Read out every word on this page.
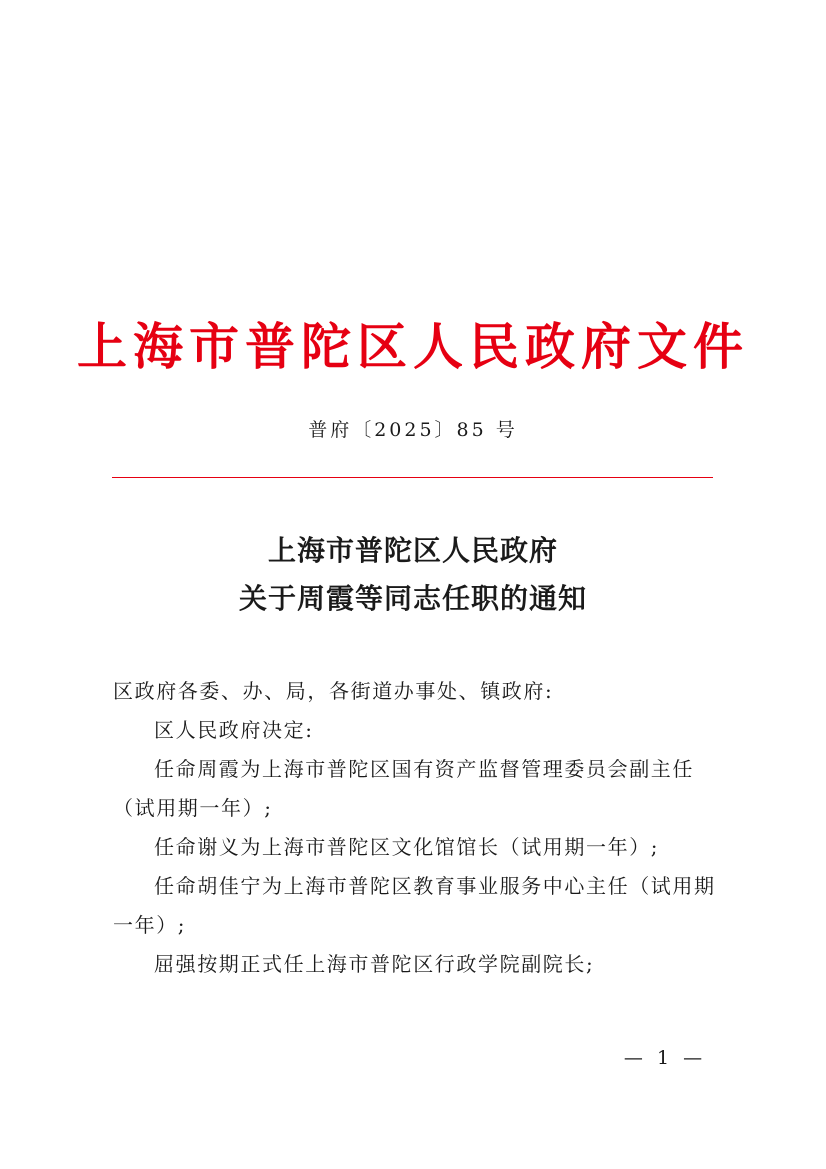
上海市普陀区人民政府文件
普府〔2025〕85 号
上海市普陀区人民政府
关于周霞等同志任职的通知

区政府各委、办、局，各街道办事处、镇政府:

区人民政府决定:

任命周霞为上海市普陀区国有资产监督管理委员会副主任（试用期一年）;

任命谢义为上海市普陀区文化馆馆长（试用期一年）;

任命胡佳宁为上海市普陀区教育事业服务中心主任（试用期一年）;

屈强按期正式任上海市普陀区行政学院副院长;

— 1 —
